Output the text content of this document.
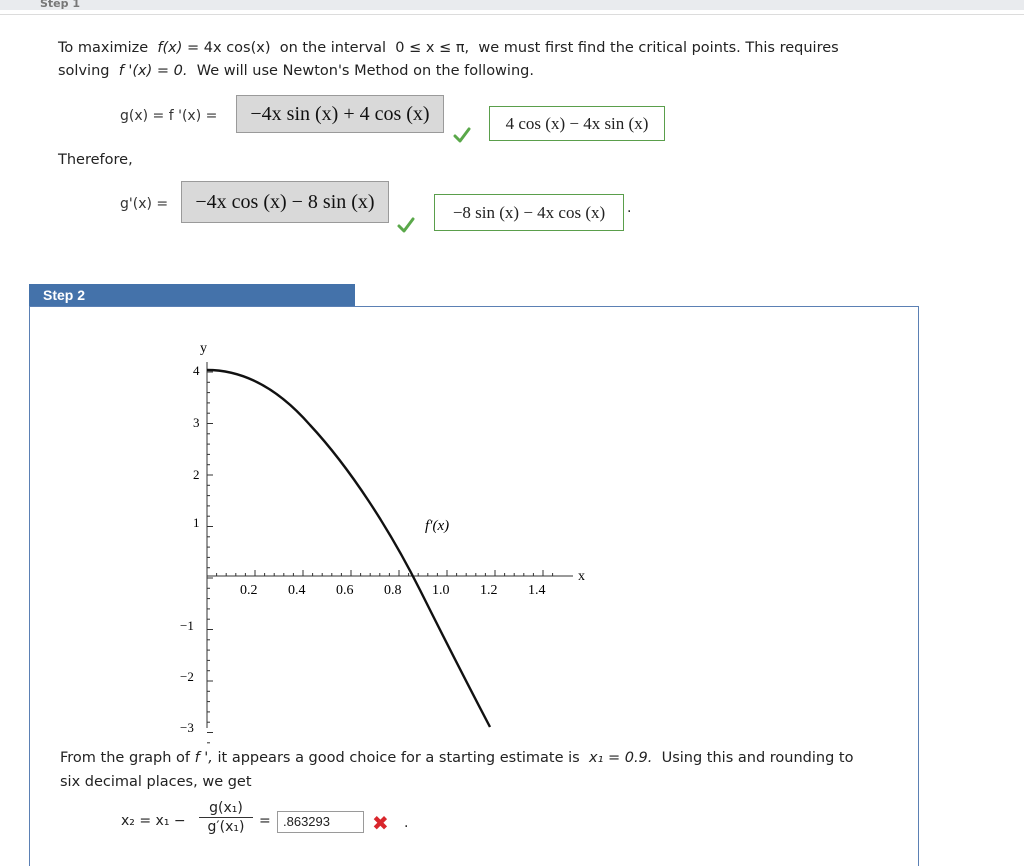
Step 1
To maximize f(x) = 4x cos(x) on the interval 0 ≤ x ≤ π, we must first find the critical points. This requires
solving f '(x) = 0. We will use Newton's Method on the following.
g(x) = f '(x) =	−4x sin (x) + 4 cos (x)	4 cos (x) − 4x sin (x)
Therefore,
g'(x) =	−4x cos (x) − 8 sin (x)	−8 sin (x) − 4x cos (x)	.
Step 2
y
x
f′(x)
0.2 0.4 0.6 0.8 1.0 1.2 1.4
4
3
2
1
−1
−2
−3
From the graph of f ', it appears a good choice for a starting estimate is x₁ = 0.9. Using this and rounding to
six decimal places, we get
x₂ = x₁ −
g(x₁)
g′(x₁)	= .863293	✖ .
